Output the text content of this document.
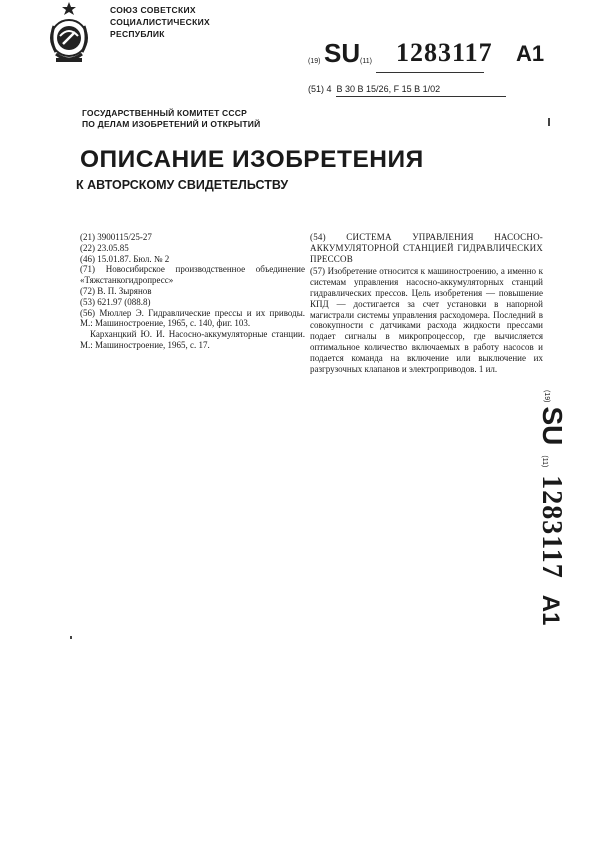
СОЮЗ СОВЕТСКИХ
СОЦИАЛИСТИЧЕСКИХ
РЕСПУБЛИК
(19) SU (11) 1283117 A1
(51) 4 B 30 B 15/26, F 15 B 1/02
ГОСУДАРСТВЕННЫЙ КОМИТЕТ СССР
ПО ДЕЛАМ ИЗОБРЕТЕНИЙ И ОТКРЫТИЙ
ОПИСАНИЕ ИЗОБРЕТЕНИЯ
К АВТОРСКОМУ СВИДЕТЕЛЬСТВУ

(21) 3900115/25-27

(22) 23.05.85

(46) 15.01.87. Бюл. № 2

(71) Новосибирское производственное объединение «Тяжстанкогидропресс»

(72) В. П. Зырянов

(53) 621.97 (088.8)

(56) Мюллер Э. Гидравлические прессы и их приводы. М.: Машиностроение, 1965, с. 140, фиг. 103.

Карханцкий Ю. И. Насосно-аккумуляторные станции. М.: Машиностроение, 1965, с. 17.

(54) СИСТЕМА УПРАВЛЕНИЯ НАСОСНО-АККУМУЛЯТОРНОЙ СТАНЦИЕЙ ГИДРАВЛИЧЕСКИХ ПРЕССОВ

(57) Изобретение относится к машиностроению, а именно к системам управления насосно-аккумуляторных станций гидравлических прессов. Цель изобретения — повышение КПД — достигается за счет установки в напорной магистрали системы управления расходомера. Последний в совокупности с датчиками расхода жидкости прессами подает сигналы в микропроцессор, где вычисляется оптимальное количество включаемых в работу насосов и подается команда на включение или выключение их разгрузочных клапанов и электроприводов. 1 ил.

(19) SU (11) 1283117 A1
